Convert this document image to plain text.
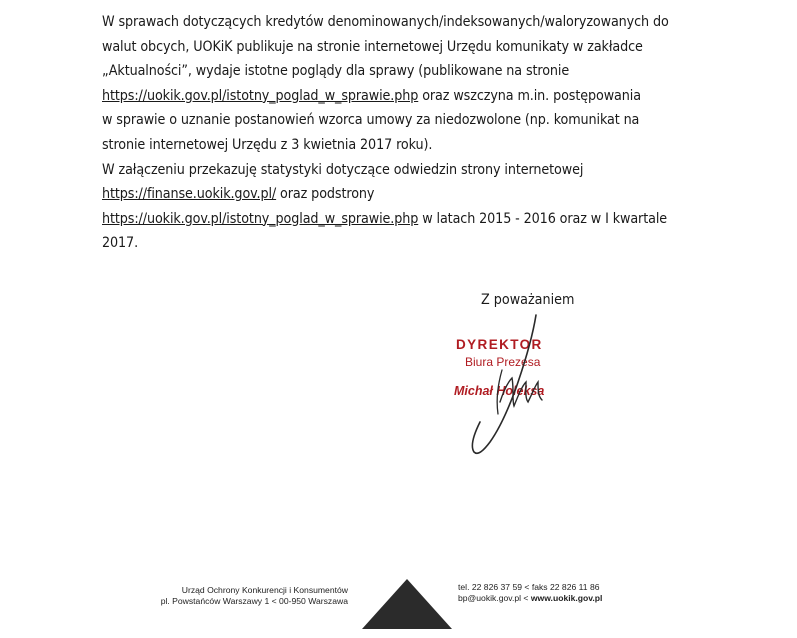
W sprawach dotyczących kredytów denominowanych/indeksowanych/waloryzowanych do

walut obcych, UOKiK publikuje na stronie internetowej Urzędu komunikaty w zakładce

„Aktualności”, wydaje istotne poglądy dla sprawy (publikowane na stronie

https://uokik.gov.pl/istotny_poglad_w_sprawie.php oraz wszczyna m.in. postępowania

w sprawie o uznanie postanowień wzorca umowy za niedozwolone (np. komunikat na

stronie internetowej Urzędu z 3 kwietnia 2017 roku).

W załączeniu przekazuję statystyki dotyczące odwiedzin strony internetowej

https://finanse.uokik.gov.pl/ oraz podstrony

https://uokik.gov.pl/istotny_poglad_w_sprawie.php w latach 2015 - 2016 oraz w I kwartale

2017.

Z poważaniem
DYREKTOR
Biura Prezesa
Michał Holeksa
Urząd Ochrony Konkurencji i Konsumentów
pl. Powstańców Warszawy 1 < 00-950 Warszawa
tel. 22 826 37 59 < faks 22 826 11 86
bp@uokik.gov.pl < www.uokik.gov.pl
